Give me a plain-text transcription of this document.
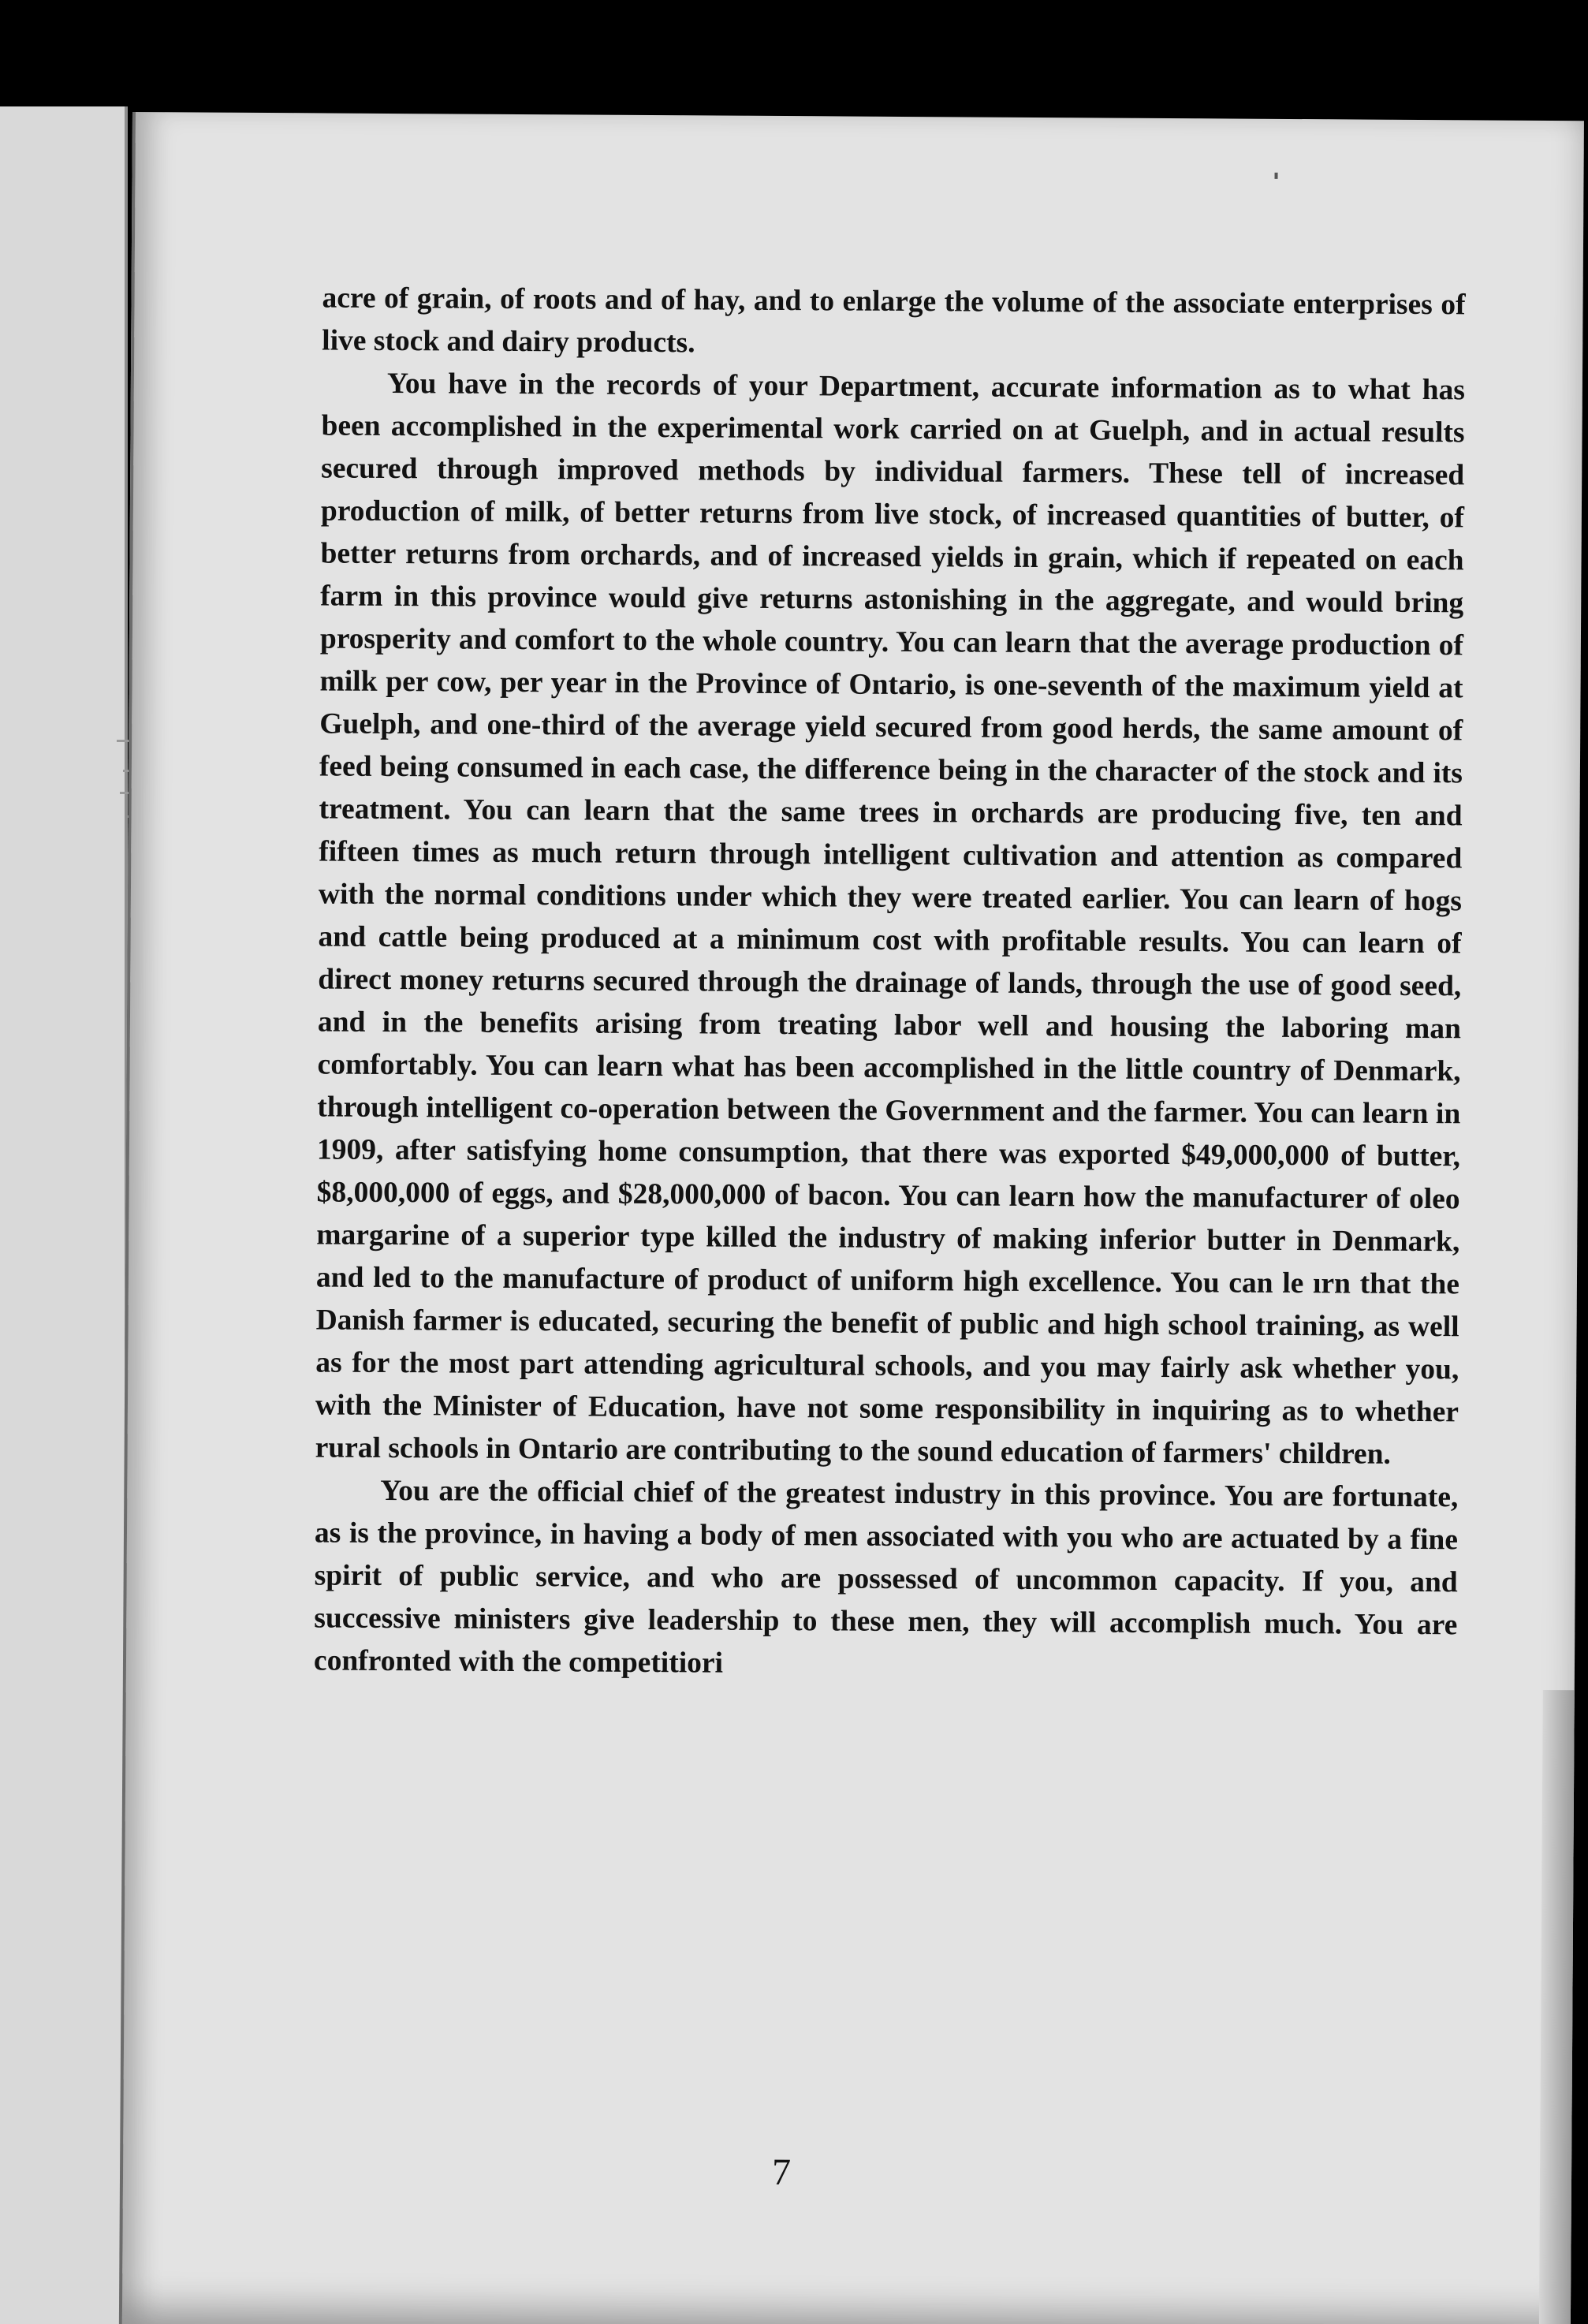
acre of grain, of roots and of hay, and to enlarge the volume of the associate enterprises of live stock and dairy products.

You have in the records of your Department, accurate information as to what has been accomplished in the experimental work carried on at Guelph, and in actual results secured through improved methods by individual farmers. These tell of increased production of milk, of better returns from live stock, of increased quantities of butter, of better returns from orchards, and of increased yields in grain, which if repeated on each farm in this province would give returns astonishing in the aggregate, and would bring prosperity and comfort to the whole country. You can learn that the average production of milk per cow, per year in the Province of Ontario, is one-seventh of the maximum yield at Guelph, and one-third of the average yield secured from good herds, the same amount of feed being consumed in each case, the difference being in the character of the stock and its treatment. You can learn that the same trees in orchards are producing five, ten and fifteen times as much return through intelligent cultivation and attention as compared with the normal conditions under which they were treated earlier. You can learn of hogs and cattle being produced at a minimum cost with profitable results. You can learn of direct money returns secured through the drainage of lands, through the use of good seed, and in the benefits arising from treating labor well and housing the laboring man comfortably. You can learn what has been accomplished in the little country of Denmark, through intelligent co-operation between the Government and the farmer. You can learn in 1909, after satisfying home consumption, that there was exported $49,000,000 of butter, $8,000,000 of eggs, and $28,000,000 of bacon. You can learn how the manufacturer of oleo margarine of a superior type killed the industry of making inferior butter in Denmark, and led to the manufacture of product of uniform high excellence. You can le ırn that the Danish farmer is educated, securing the benefit of public and high school training, as well as for the most part attending agricultural schools, and you may fairly ask whether you, with the Minister of Education, have not some responsibility in inquiring as to whether rural schools in Ontario are contributing to the sound education of farmers' children.

You are the official chief of the greatest industry in this province. You are fortunate, as is the province, in having a body of men associated with you who are actuated by a fine spirit of public service, and who are possessed of uncommon capacity. If you, and successive ministers give leadership to these men, they will accomplish much. You are confronted with the competitiori

7
